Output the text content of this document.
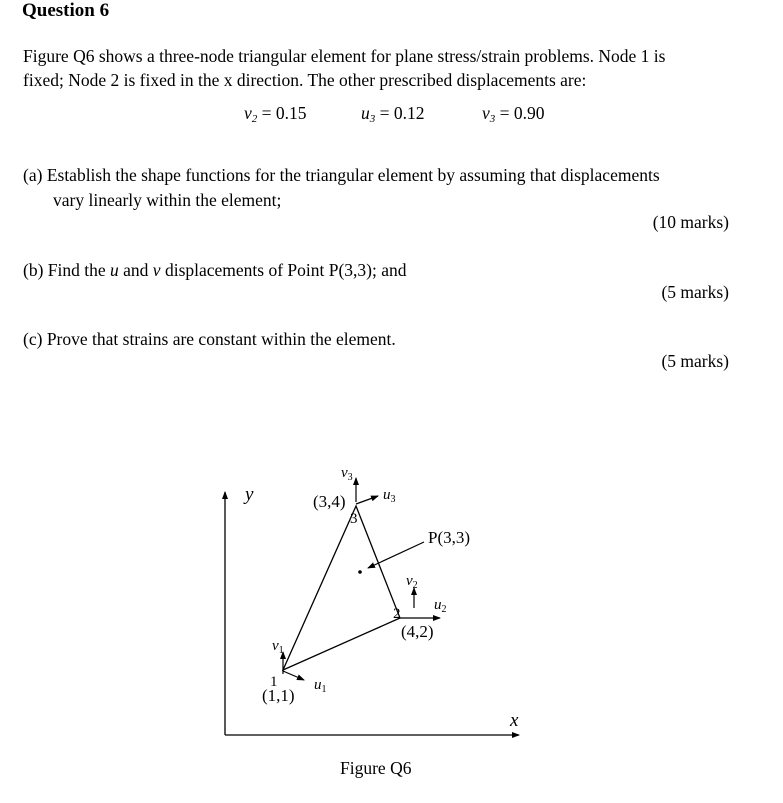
Question 6
Figure Q6 shows a three-node triangular element for plane stress/strain problems. Node 1 is
fixed; Node 2 is fixed in the x direction. The other prescribed displacements are:
$v_2 = 0.15$	$u_3 = 0.12$	$v_3 = 0.90$
(a) Establish the shape functions for the triangular element by assuming that displacements
vary linearly within the element;
(10 marks)
(b) Find the u and v displacements of Point P(3,3); and
(5 marks)
(c) Prove that strains are constant within the element.
(5 marks)
y
x
$v_1$
1 $u_1$
(1,1)
$v_2$
2
$u_2$
(4,2)
$v_3$
$u_3$
(3,4)
3
P(3,3)
Figure Q6
